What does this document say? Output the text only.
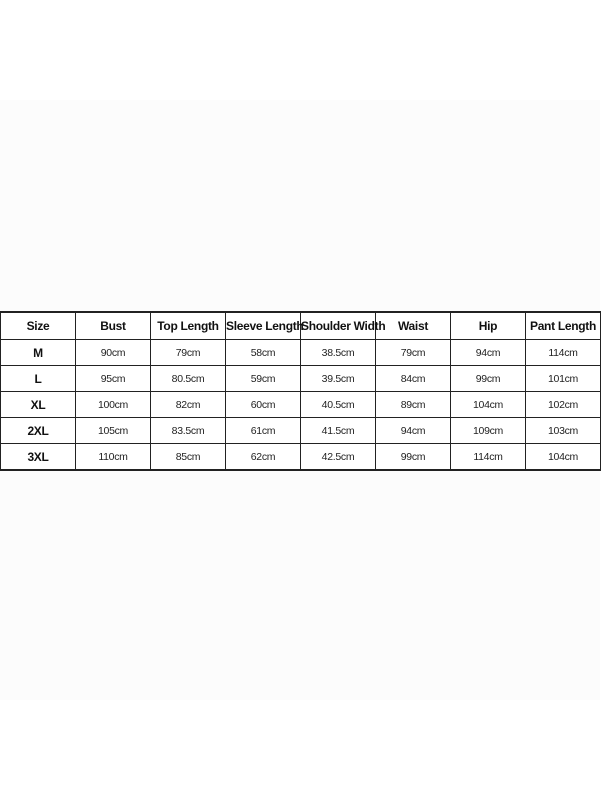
Size	Bust	Top Length	Sleeve Length	Shoulder Width	Waist	Hip	Pant Length
M	90cm	79cm	58cm	38.5cm	79cm	94cm	114cm
L	95cm	80.5cm	59cm	39.5cm	84cm	99cm	101cm
XL	100cm	82cm	60cm	40.5cm	89cm	104cm	102cm
2XL	105cm	83.5cm	61cm	41.5cm	94cm	109cm	103cm
3XL	110cm	85cm	62cm	42.5cm	99cm	114cm	104cm
